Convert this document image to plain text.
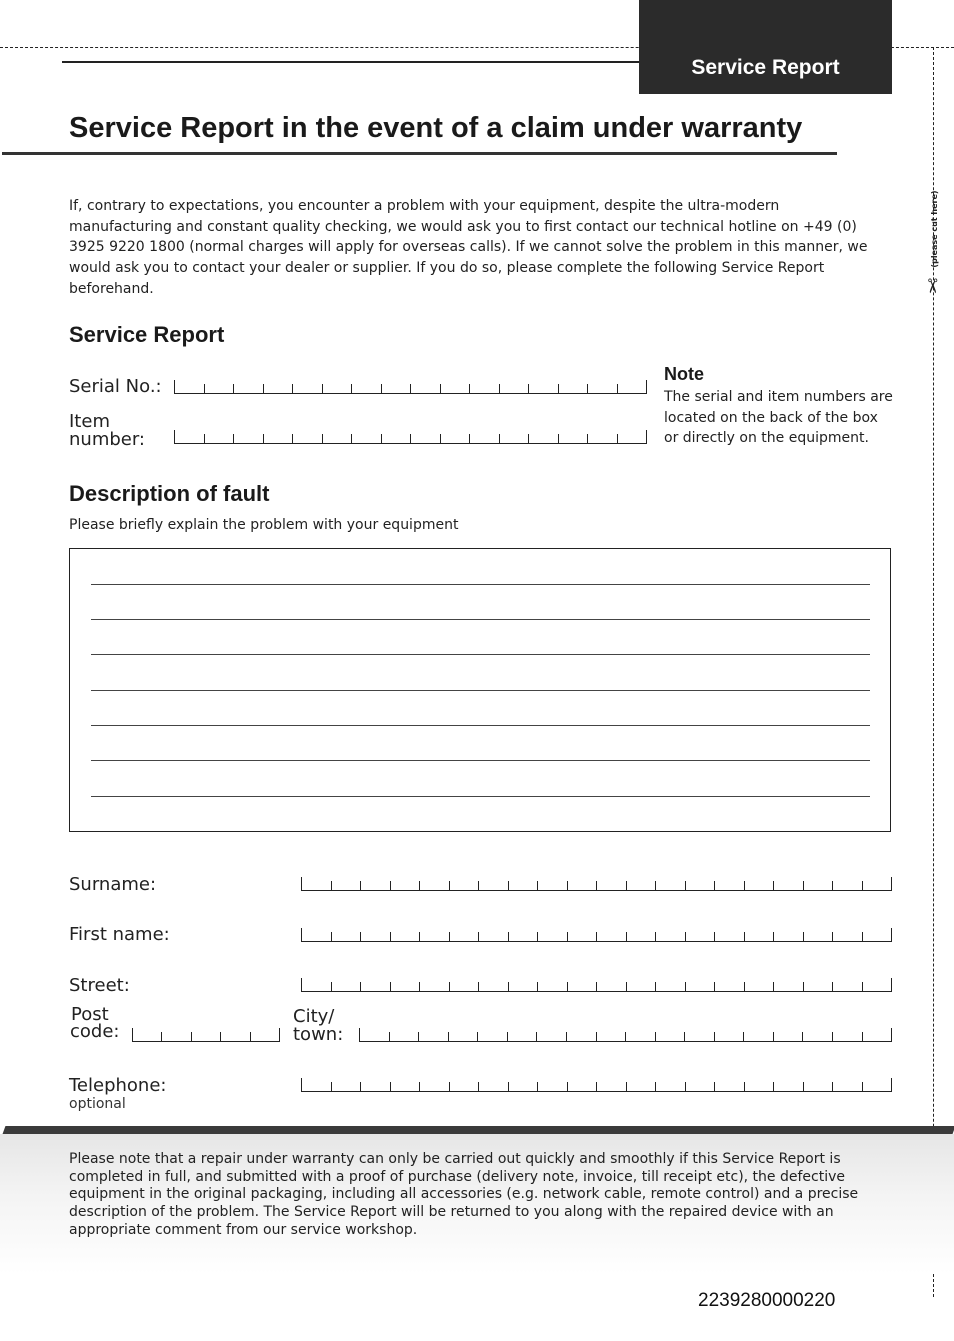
(please cut here)
✂
Service Report
Service Report in the event of a claim under warranty
If, contrary to expectations, you encounter a problem with your equipment, despite the ultra-modern manufacturing and constant quality checking, we would ask you to first contact our technical hotline on +49 (0) 3925 9220 1800 (normal charges will apply for overseas calls). If we cannot solve the problem in this manner, we would ask you to contact your dealer or supplier. If you do so, please complete the following Service Report beforehand.
Service Report
Serial No.:
Item
number:
Note
The serial and item numbers are located on the back of the box or directly on the equipment.
Description of fault
Please briefly explain the problem with your equipment
Surname:
First name:
Street:
Post
code:
City/
town:
Telephone:
optional
Please note that a repair under warranty can only be carried out quickly and smoothly if this Service Report is completed in full, and submitted with a proof of purchase (delivery note, invoice, till receipt etc), the defective equipment in the original packaging, including all accessories (e.g. network cable, remote control) and a precise description of the problem. The Service Report will be returned to you along with the repaired device with an appropriate comment from our service workshop.
2239280000220
